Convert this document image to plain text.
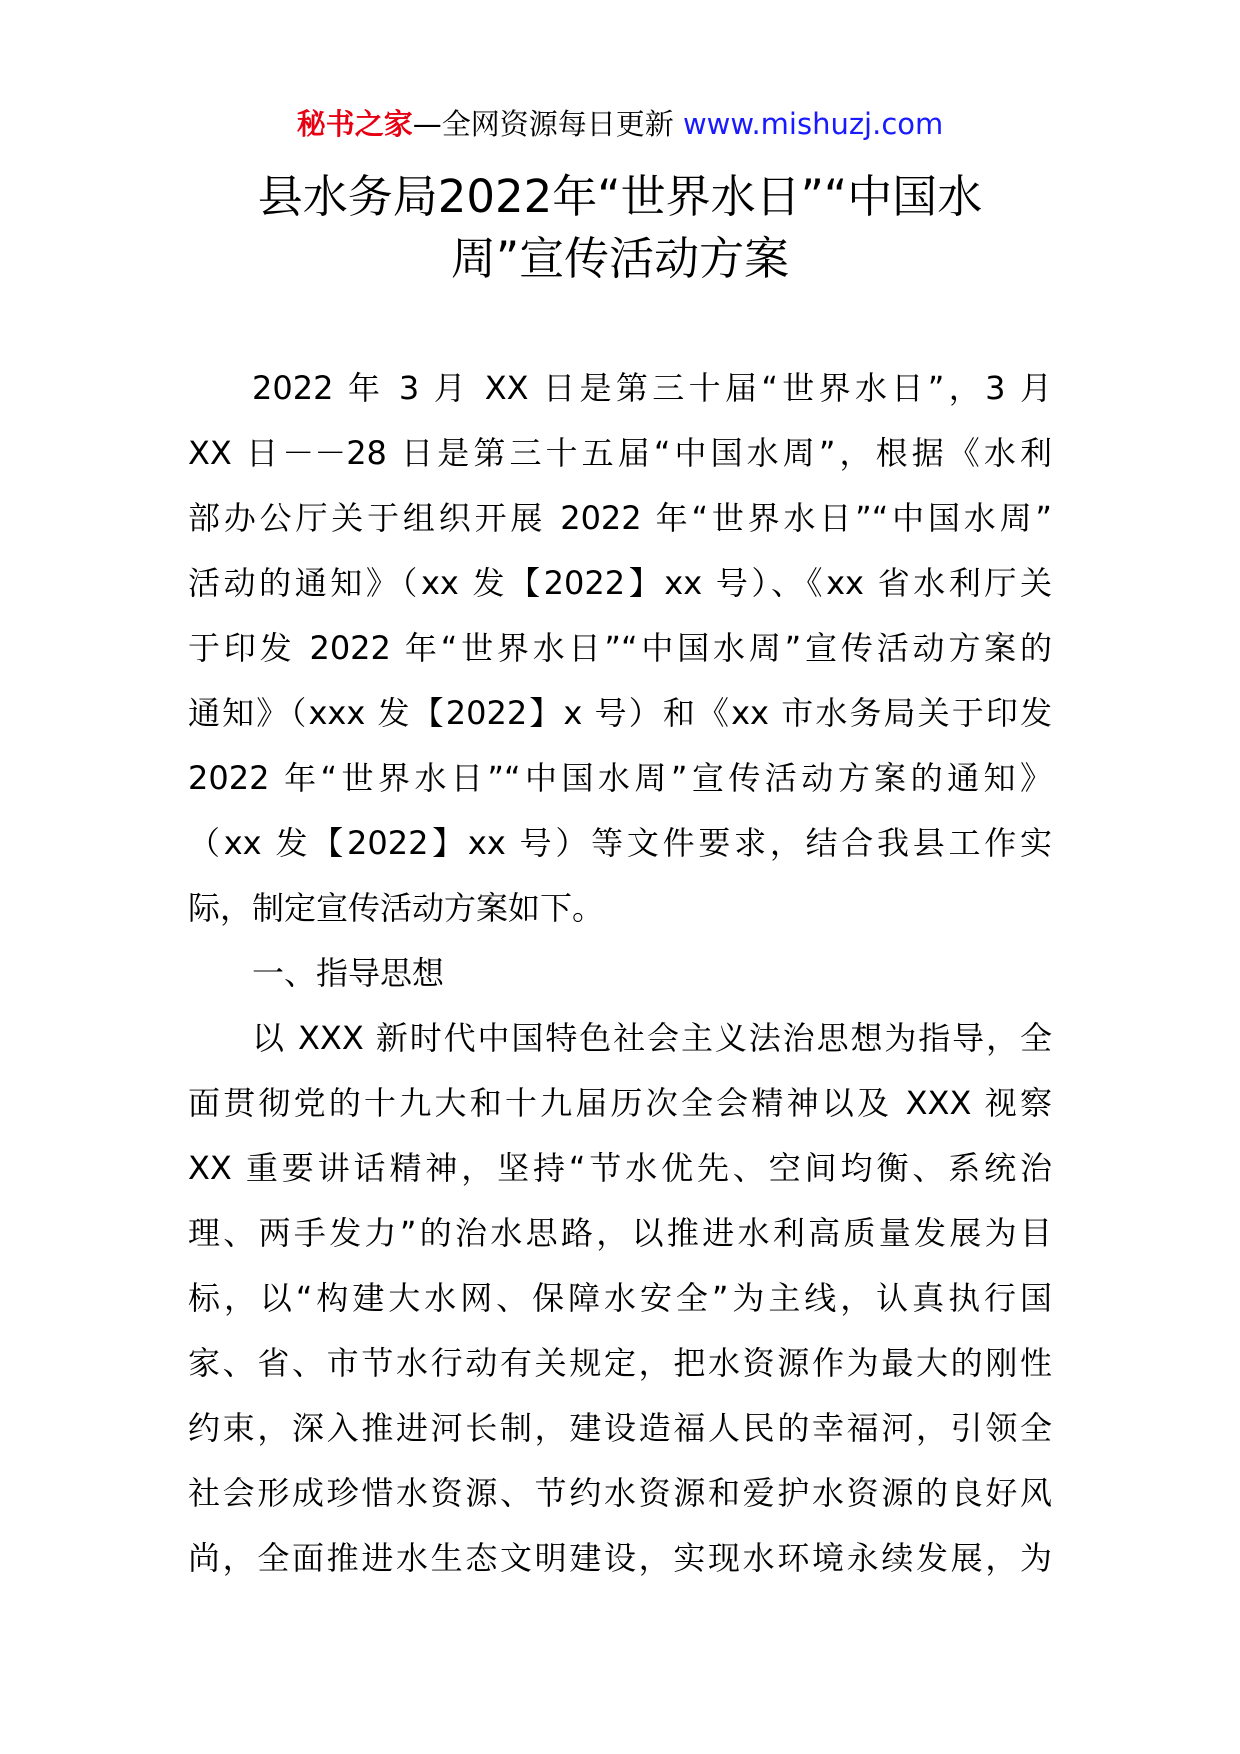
秘书之家—全网资源每日更新 www.mishuzj.com
县水务局2022年“世界水日”“中国水
周”宣传活动方案
2022 年 3 月 XX 日是第三十届“世界水日”，3 月
XX 日－－28 日是第三十五届“中国水周”，根据《水利
部办公厅关于组织开展 2022 年“世界水日”“中国水周”
活动的通知》（xx 发【2022】xx 号）、《xx 省水利厅关
于印发 2022 年“世界水日”“中国水周”宣传活动方案的
通知》（xxx 发【2022】x 号）和《xx 市水务局关于印发
2022 年“世界水日”“中国水周”宣传活动方案的通知》
（xx 发【2022】xx 号）等文件要求，结合我县工作实
际，制定宣传活动方案如下。
一、指导思想
以 XXX 新时代中国特色社会主义法治思想为指导，全
面贯彻党的十九大和十九届历次全会精神以及 XXX 视察
XX 重要讲话精神，坚持“节水优先、空间均衡、系统治
理、两手发力”的治水思路，以推进水利高质量发展为目
标，以“构建大水网、保障水安全”为主线，认真执行国
家、省、市节水行动有关规定，把水资源作为最大的刚性
约束，深入推进河长制，建设造福人民的幸福河，引领全
社会形成珍惜水资源、节约水资源和爱护水资源的良好风
尚，全面推进水生态文明建设，实现水环境永续发展，为
